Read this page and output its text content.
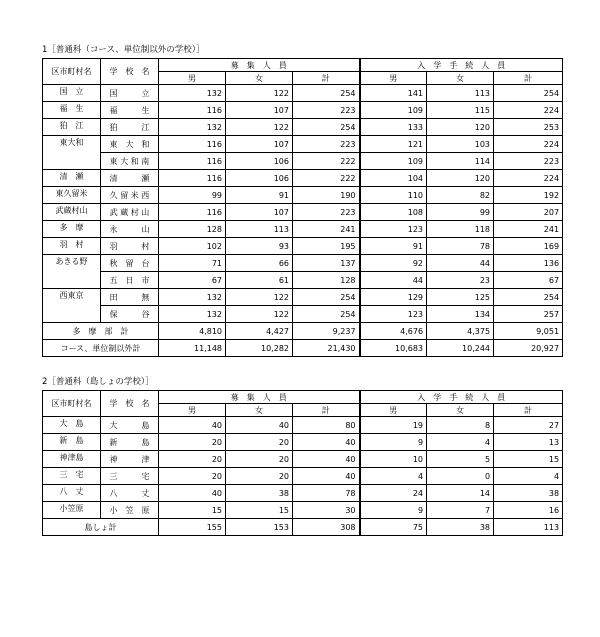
1［普通科（コース、単位制以外の学校）］
区市町村名	学　校　名	募　集　人　員			入　学　手　続　人　員		
		男	女	計	男	女	計
国　立	国　　　立	132	122	254	141	113	254
福　生	福　　　生	116	107	223	109	115	224
狛　江	狛　　　江	132	122	254	133	120	253
東大和	東　大　和	116	107	223	121	103	224
	東 大 和 南	116	106	222	109	114	223
清　瀬	清　　　瀬	116	106	222	104	120	224
東久留米	久 留 米 西	99	91	190	110	82	192
武蔵村山	武 蔵 村 山	116	107	223	108	99	207
多　摩	永　　　山	128	113	241	123	118	241
羽　村	羽　　　村	102	93	195	91	78	169
あきる野	秋　留　台	71	66	137	92	44	136
	五　日　市	67	61	128	44	23	67
西東京	田　　　無	132	122	254	129	125	254
	保　　　谷	132	122	254	123	134	257
多　摩　部　計		4,810	4,427	9,237	4,676	4,375	9,051
コース、単位制以外計		11,148	10,282	21,430	10,683	10,244	20,927
2［普通科（島しょの学校）］
区市町村名	学　校　名	募　集　人　員			入　学　手　続　人　員		
		男	女	計	男	女	計
大　島	大　　　島	40	40	80	19	8	27
新　島	新　　　島	20	20	40	9	4	13
神津島	神　　　津	20	20	40	10	5	15
三　宅	三　　　宅	20	20	40	4	0	4
八　丈	八　　　丈	40	38	78	24	14	38
小笠原	小　笠　原	15	15	30	9	7	16
島しょ計		155	153	308	75	38	113
